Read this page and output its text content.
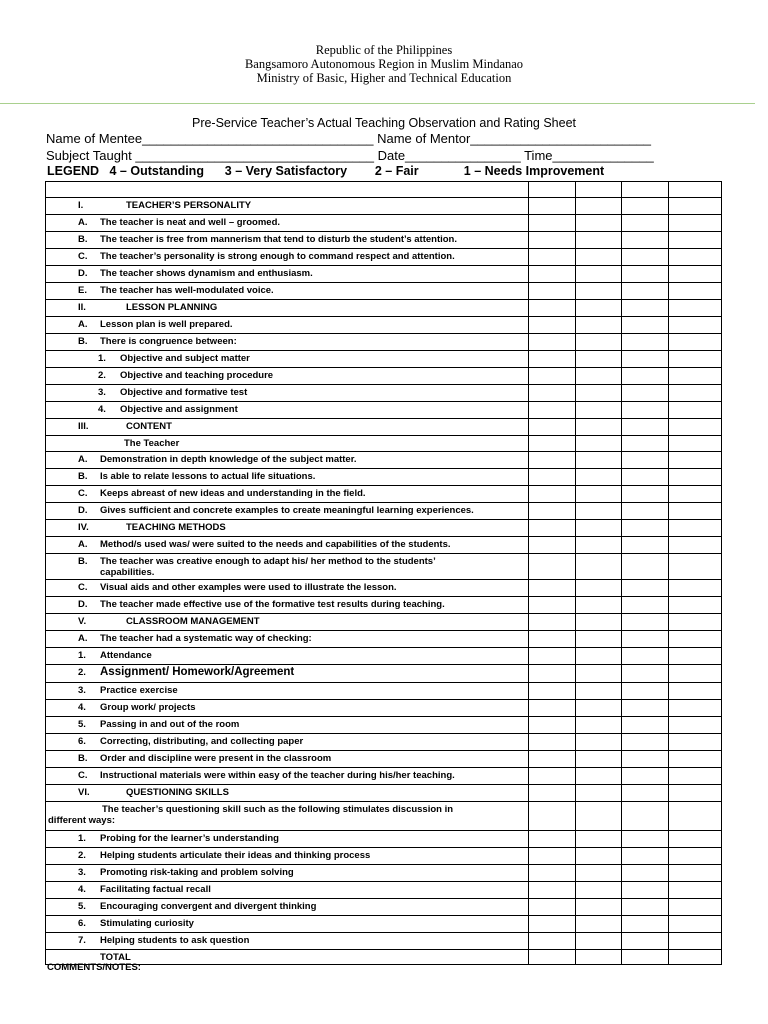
Republic of the Philippines
Bangsamoro Autonomous Region in Muslim Mindanao
Ministry of Basic, Higher and Technical Education
Pre-Service Teacher’s Actual Teaching Observation and Rating Sheet
Name of Mentee________________________________ Name of Mentor_________________________
Subject Taught _________________________________ Date________________ Time______________
LEGEND   4 – Outstanding      3 – Very Satisfactory        2 – Fair             1 – Needs Improvement

I. TEACHER’S PERSONALITY				
A. The teacher is neat and well – groomed.				
B. The teacher is free from mannerism that tend to disturb the student’s attention.				
C. The teacher’s personality is strong enough to command respect and attention.				
D. The teacher shows dynamism and enthusiasm.				
E. The teacher has well-modulated voice.				
II. LESSON PLANNING				
A. Lesson plan is well prepared.				
B. There is congruence between:				
1. Objective and subject matter				
2. Objective and teaching procedure				
3. Objective and formative test				
4. Objective and assignment				
III. CONTENT				
The Teacher				
A. Demonstration in depth knowledge of the subject matter.				
B. Is able to relate lessons to actual life situations.				
C. Keeps abreast of new ideas and understanding in the field.				
D. Gives sufficient and concrete examples to create meaningful learning experiences.				
IV. TEACHING METHODS				
A. Method/s used was/ were suited to the needs and capabilities of the students.				
B. The teacher was creative enough to adapt his/ her method to the students’ capabilities.				
C. Visual aids and other examples were used to illustrate the lesson.				
D. The teacher made effective use of the formative test results during teaching.				
V. CLASSROOM MANAGEMENT				
A. The teacher had a systematic way of checking:				
1. Attendance				
2. Assignment/ Homework/Agreement				
3. Practice exercise				
4. Group work/ projects				
5. Passing in and out of the room				
6. Correcting, distributing, and collecting paper				
B. Order and discipline were present in the classroom				
C. Instructional materials were within easy of the teacher during his/her teaching.				
VI. QUESTIONING SKILLS				

The teacher’s questioning skill such as the following stimulates discussion in
different ways:				

1. Probing for the learner’s understanding				
2. Helping students articulate their ideas and thinking process				
3. Promoting risk-taking and problem solving				
4. Facilitating factual recall				
5. Encouraging convergent and divergent thinking				
6. Stimulating curiosity				
7. Helping students to ask question				
TOTAL				
COMMENTS/NOTES:
